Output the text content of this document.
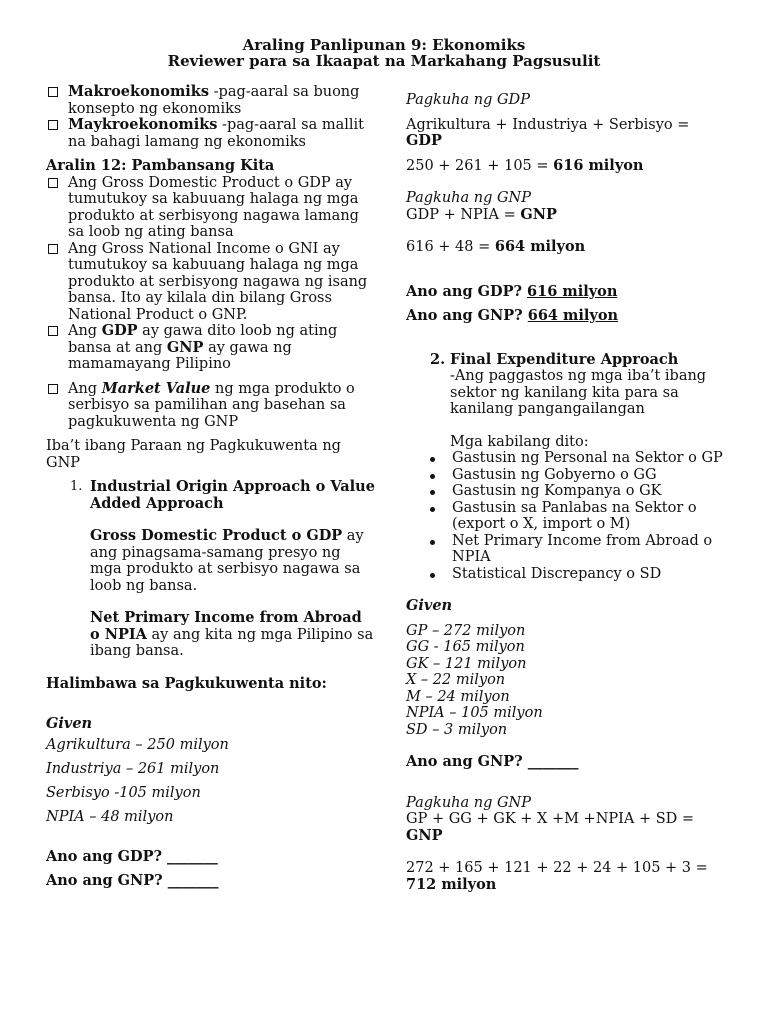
Araling Panlipunan 9: Ekonomiks
Reviewer para sa Ikaapat na Markahang Pagsusulit
Makroekonomiks -pag-aaral sa buong konsepto ng ekonomiks
Maykroekonomiks -pag-aaral sa mallit na bahagi lamang ng ekonomiks
Aralin 12: Pambansang Kita
Ang Gross Domestic Product o GDP ay tumutukoy sa kabuuang halaga ng mga produkto at serbisyong nagawa lamang sa loob ng ating bansa
Ang Gross National Income o GNI ay tumutukoy sa kabuuang halaga ng mga produkto at serbisyong nagawa ng isang bansa. Ito ay kilala din bilang Gross National Product o GNP.
Ang GDP ay gawa dito loob ng ating bansa at ang GNP ay gawa ng mamamayang Pilipino
Ang Market Value ng mga produkto o serbisyo sa pamilihan ang basehan sa pagkukuwenta ng GNP
Iba’t ibang Paraan ng Pagkukuwenta ng GNP
1. Industrial Origin Approach o Value Added Approach
Gross Domestic Product o GDP ay ang pinagsama-samang presyo ng mga produkto at serbisyo nagawa sa loob ng bansa.
Net Primary Income from Abroad o NPIA ay ang kita ng mga Pilipino sa ibang bansa.
Halimbawa sa Pagkukuwenta nito:
Given
Agrikultura – 250 milyon
Industriya – 261 milyon
Serbisyo -105 milyon
NPIA – 48 milyon
Ano ang GDP? _______
Ano ang GNP? _______
Pagkuha ng GDP
Agrikultura + Industriya + Serbisyo =
GDP
250 + 261 + 105 = 616 milyon
Pagkuha ng GNP
GDP + NPIA = GNP
616 + 48 = 664 milyon
Ano ang GDP? 616 milyon
Ano ang GNP? 664 milyon
2. Final Expenditure Approach
-Ang paggastos ng mga iba’t ibang sektor ng kanilang kita para sa kanilang pangangailangan
Mga kabilang dito:
Gastusin ng Personal na Sektor o GP
Gastusin ng Gobyerno o GG
Gastusin ng Kompanya o GK
Gastusin sa Panlabas na Sektor o (export o X, import o M)
Net Primary Income from Abroad o NPIA
Statistical Discrepancy o SD
Given
GP – 272 milyon
GG - 165 milyon
GK – 121 milyon
X – 22 milyon
M – 24 milyon
NPIA – 105 milyon
SD – 3 milyon
Ano ang GNP? _______
Pagkuha ng GNP
GP + GG + GK + X +M +NPIA + SD =
GNP
272 + 165 + 121 + 22 + 24 + 105 + 3 =
712 milyon
